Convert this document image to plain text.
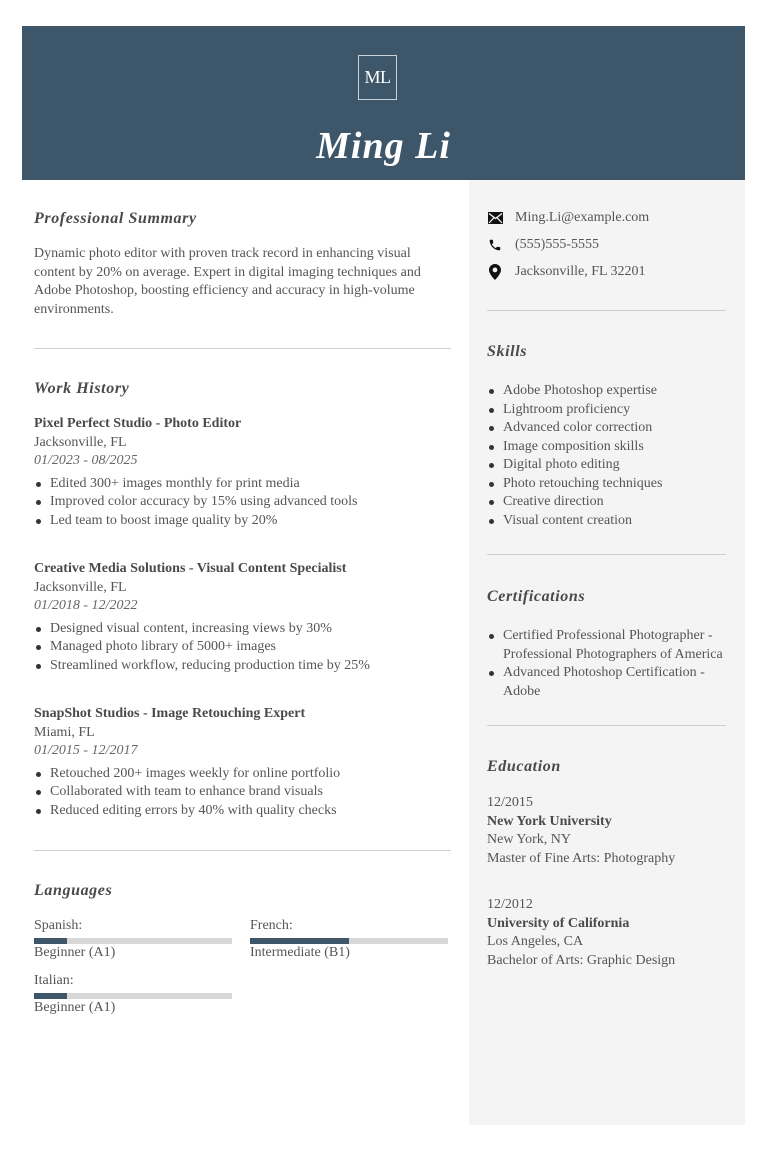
ML
Ming Li
Professional Summary
Dynamic photo editor with proven track record in enhancing visual content by 20% on average. Expert in digital imaging techniques and Adobe Photoshop, boosting efficiency and accuracy in high-volume environments.
Work History
Pixel Perfect Studio - Photo Editor
Jacksonville, FL
01/2023 - 08/2025
Edited 300+ images monthly for print media
Improved color accuracy by 15% using advanced tools
Led team to boost image quality by 20%
Creative Media Solutions - Visual Content Specialist
Jacksonville, FL
01/2018 - 12/2022
Designed visual content, increasing views by 30%
Managed photo library of 5000+ images
Streamlined workflow, reducing production time by 25%
SnapShot Studios - Image Retouching Expert
Miami, FL
01/2015 - 12/2017
Retouched 200+ images weekly for online portfolio
Collaborated with team to enhance brand visuals
Reduced editing errors by 40% with quality checks
Languages
Spanish:
Beginner (A1)
French:
Intermediate (B1)
Italian:
Beginner (A1)
Ming.Li@example.com
(555)555-5555
Jacksonville, FL 32201
Skills
Adobe Photoshop expertise
Lightroom proficiency
Advanced color correction
Image composition skills
Digital photo editing
Photo retouching techniques
Creative direction
Visual content creation
Certifications
Certified Professional Photographer - Professional Photographers of America
Advanced Photoshop Certification - Adobe
Education
12/2015
New York University
New York, NY
Master of Fine Arts: Photography
12/2012
University of California
Los Angeles, CA
Bachelor of Arts: Graphic Design
